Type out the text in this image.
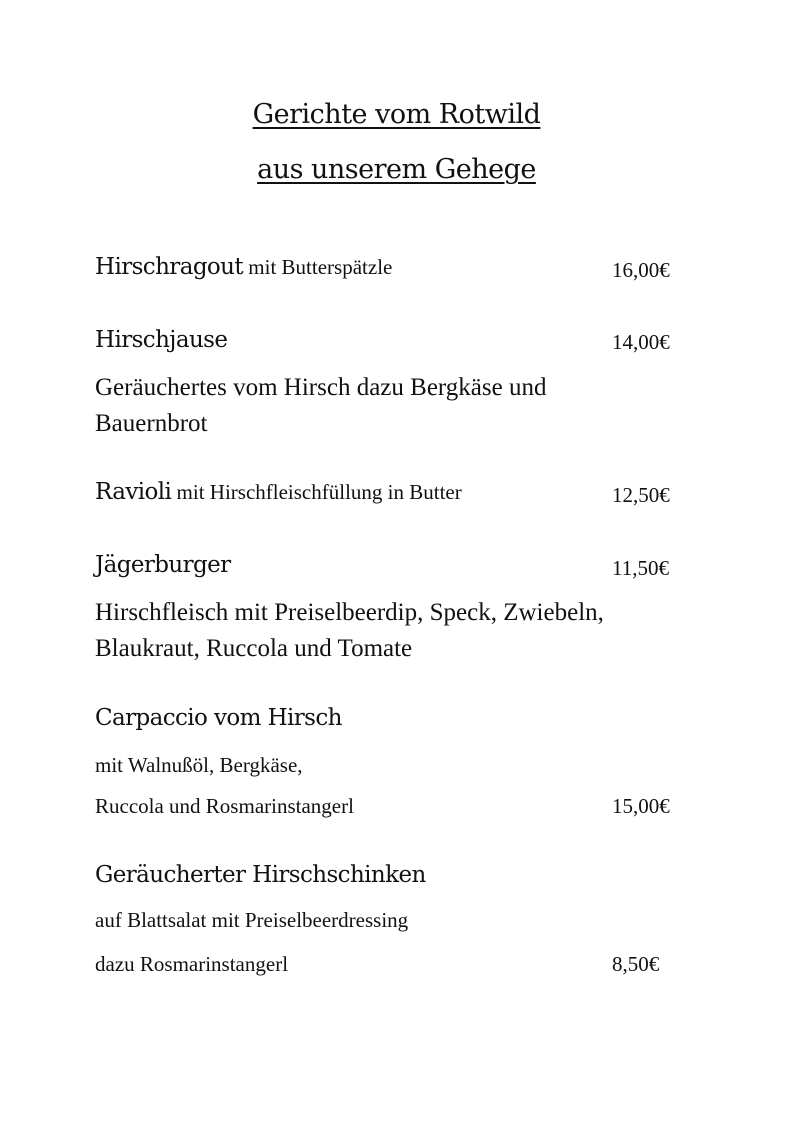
Gerichte vom Rotwild
aus unserem Gehege
Hirschragout mit Butterspätzle	16,00€
Hirschjause	14,00€
Geräuchertes vom Hirsch dazu Bergkäse und
Bauernbrot
Ravioli mit Hirschfleischfüllung in Butter	12,50€
Jägerburger	11,50€
Hirschfleisch mit Preiselbeerdip, Speck, Zwiebeln,
Blaukraut, Ruccola und Tomate
Carpaccio vom Hirsch
mit Walnußöl, Bergkäse,
Ruccola und Rosmarinstangerl	15,00€
Geräucherter Hirschschinken
auf Blattsalat mit Preiselbeerdressing
dazu Rosmarinstangerl	8,50€
